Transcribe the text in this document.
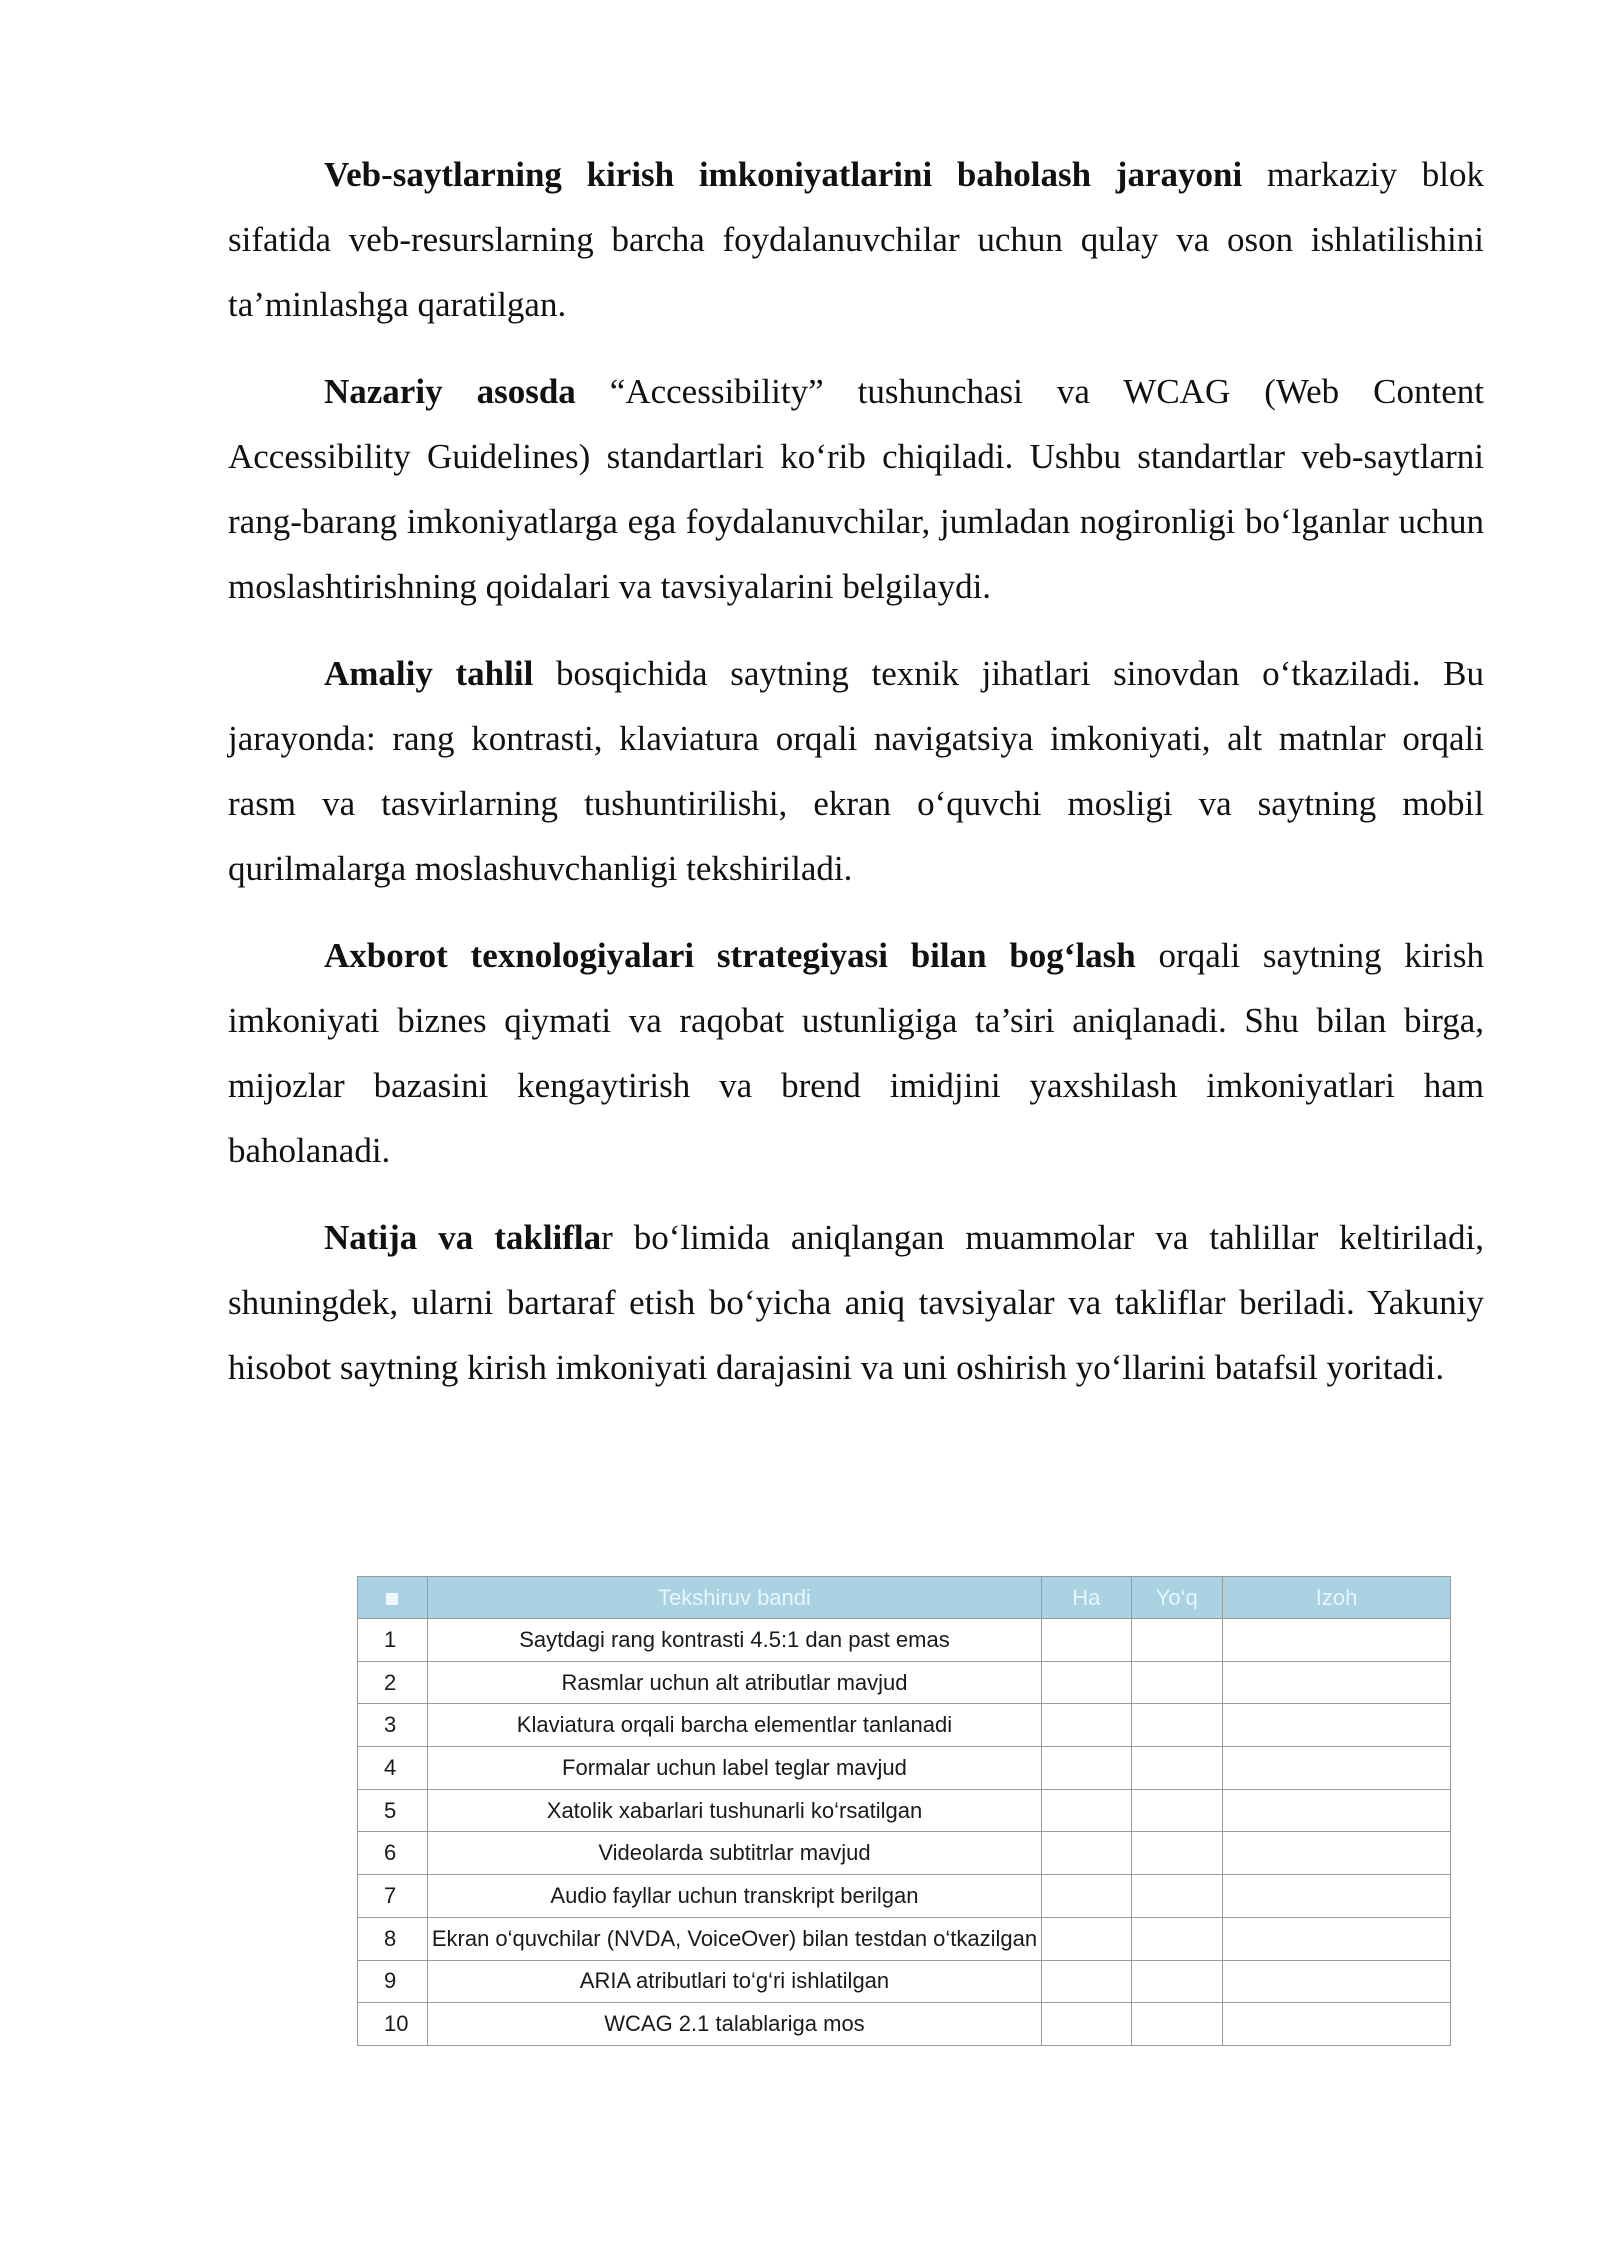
Veb-saytlarning kirish imkoniyatlarini baholash jarayoni markaziy blok sifatida veb-resurslarning barcha foydalanuvchilar uchun qulay va oson ishlatilishini ta’minlashga qaratilgan.

Nazariy asosda “Accessibility” tushunchasi va WCAG (Web Content Accessibility Guidelines) standartlari ko‘rib chiqiladi. Ushbu standartlar veb-saytlarni rang-barang imkoniyatlarga ega foydalanuvchilar, jumladan nogironligi bo‘lganlar uchun moslashtirishning qoidalari va tavsiyalarini belgilaydi.

Amaliy tahlil bosqichida saytning texnik jihatlari sinovdan o‘tkaziladi. Bu jarayonda: rang kontrasti, klaviatura orqali navigatsiya imkoniyati, alt matnlar orqali rasm va tasvirlarning tushuntirilishi, ekran o‘quvchi mosligi va saytning mobil qurilmalarga moslashuvchanligi tekshiriladi.

Axborot texnologiyalari strategiyasi bilan bog‘lash orqali saytning kirish imkoniyati biznes qiymati va raqobat ustunligiga ta’siri aniqlanadi. Shu bilan birga, mijozlar bazasini kengaytirish va brend imidjini yaxshilash imkoniyatlari ham baholanadi.

Natija va takliflar bo‘limida aniqlangan muammolar va tahlillar keltiriladi, shuningdek, ularni bartaraf etish bo‘yicha aniq tavsiyalar va takliflar beriladi. Yakuniy hisobot saytning kirish imkoniyati darajasini va uni oshirish yo‘llarini batafsil yoritadi.

	Tekshiruv bandi	Ha	Yo‘q	Izoh
1	Saytdagi rang kontrasti 4.5:1 dan past emas			
2	Rasmlar uchun alt atributlar mavjud			
3	Klaviatura orqali barcha elementlar tanlanadi			
4	Formalar uchun label teglar mavjud			
5	Xatolik xabarlari tushunarli ko‘rsatilgan			
6	Videolarda subtitrlar mavjud			
7	Audio fayllar uchun transkript berilgan			
8	Ekran o‘quvchilar (NVDA, VoiceOver) bilan testdan o‘tkazilgan			
9	ARIA atributlari to‘g‘ri ishlatilgan			
10	WCAG 2.1 talablariga mos			
